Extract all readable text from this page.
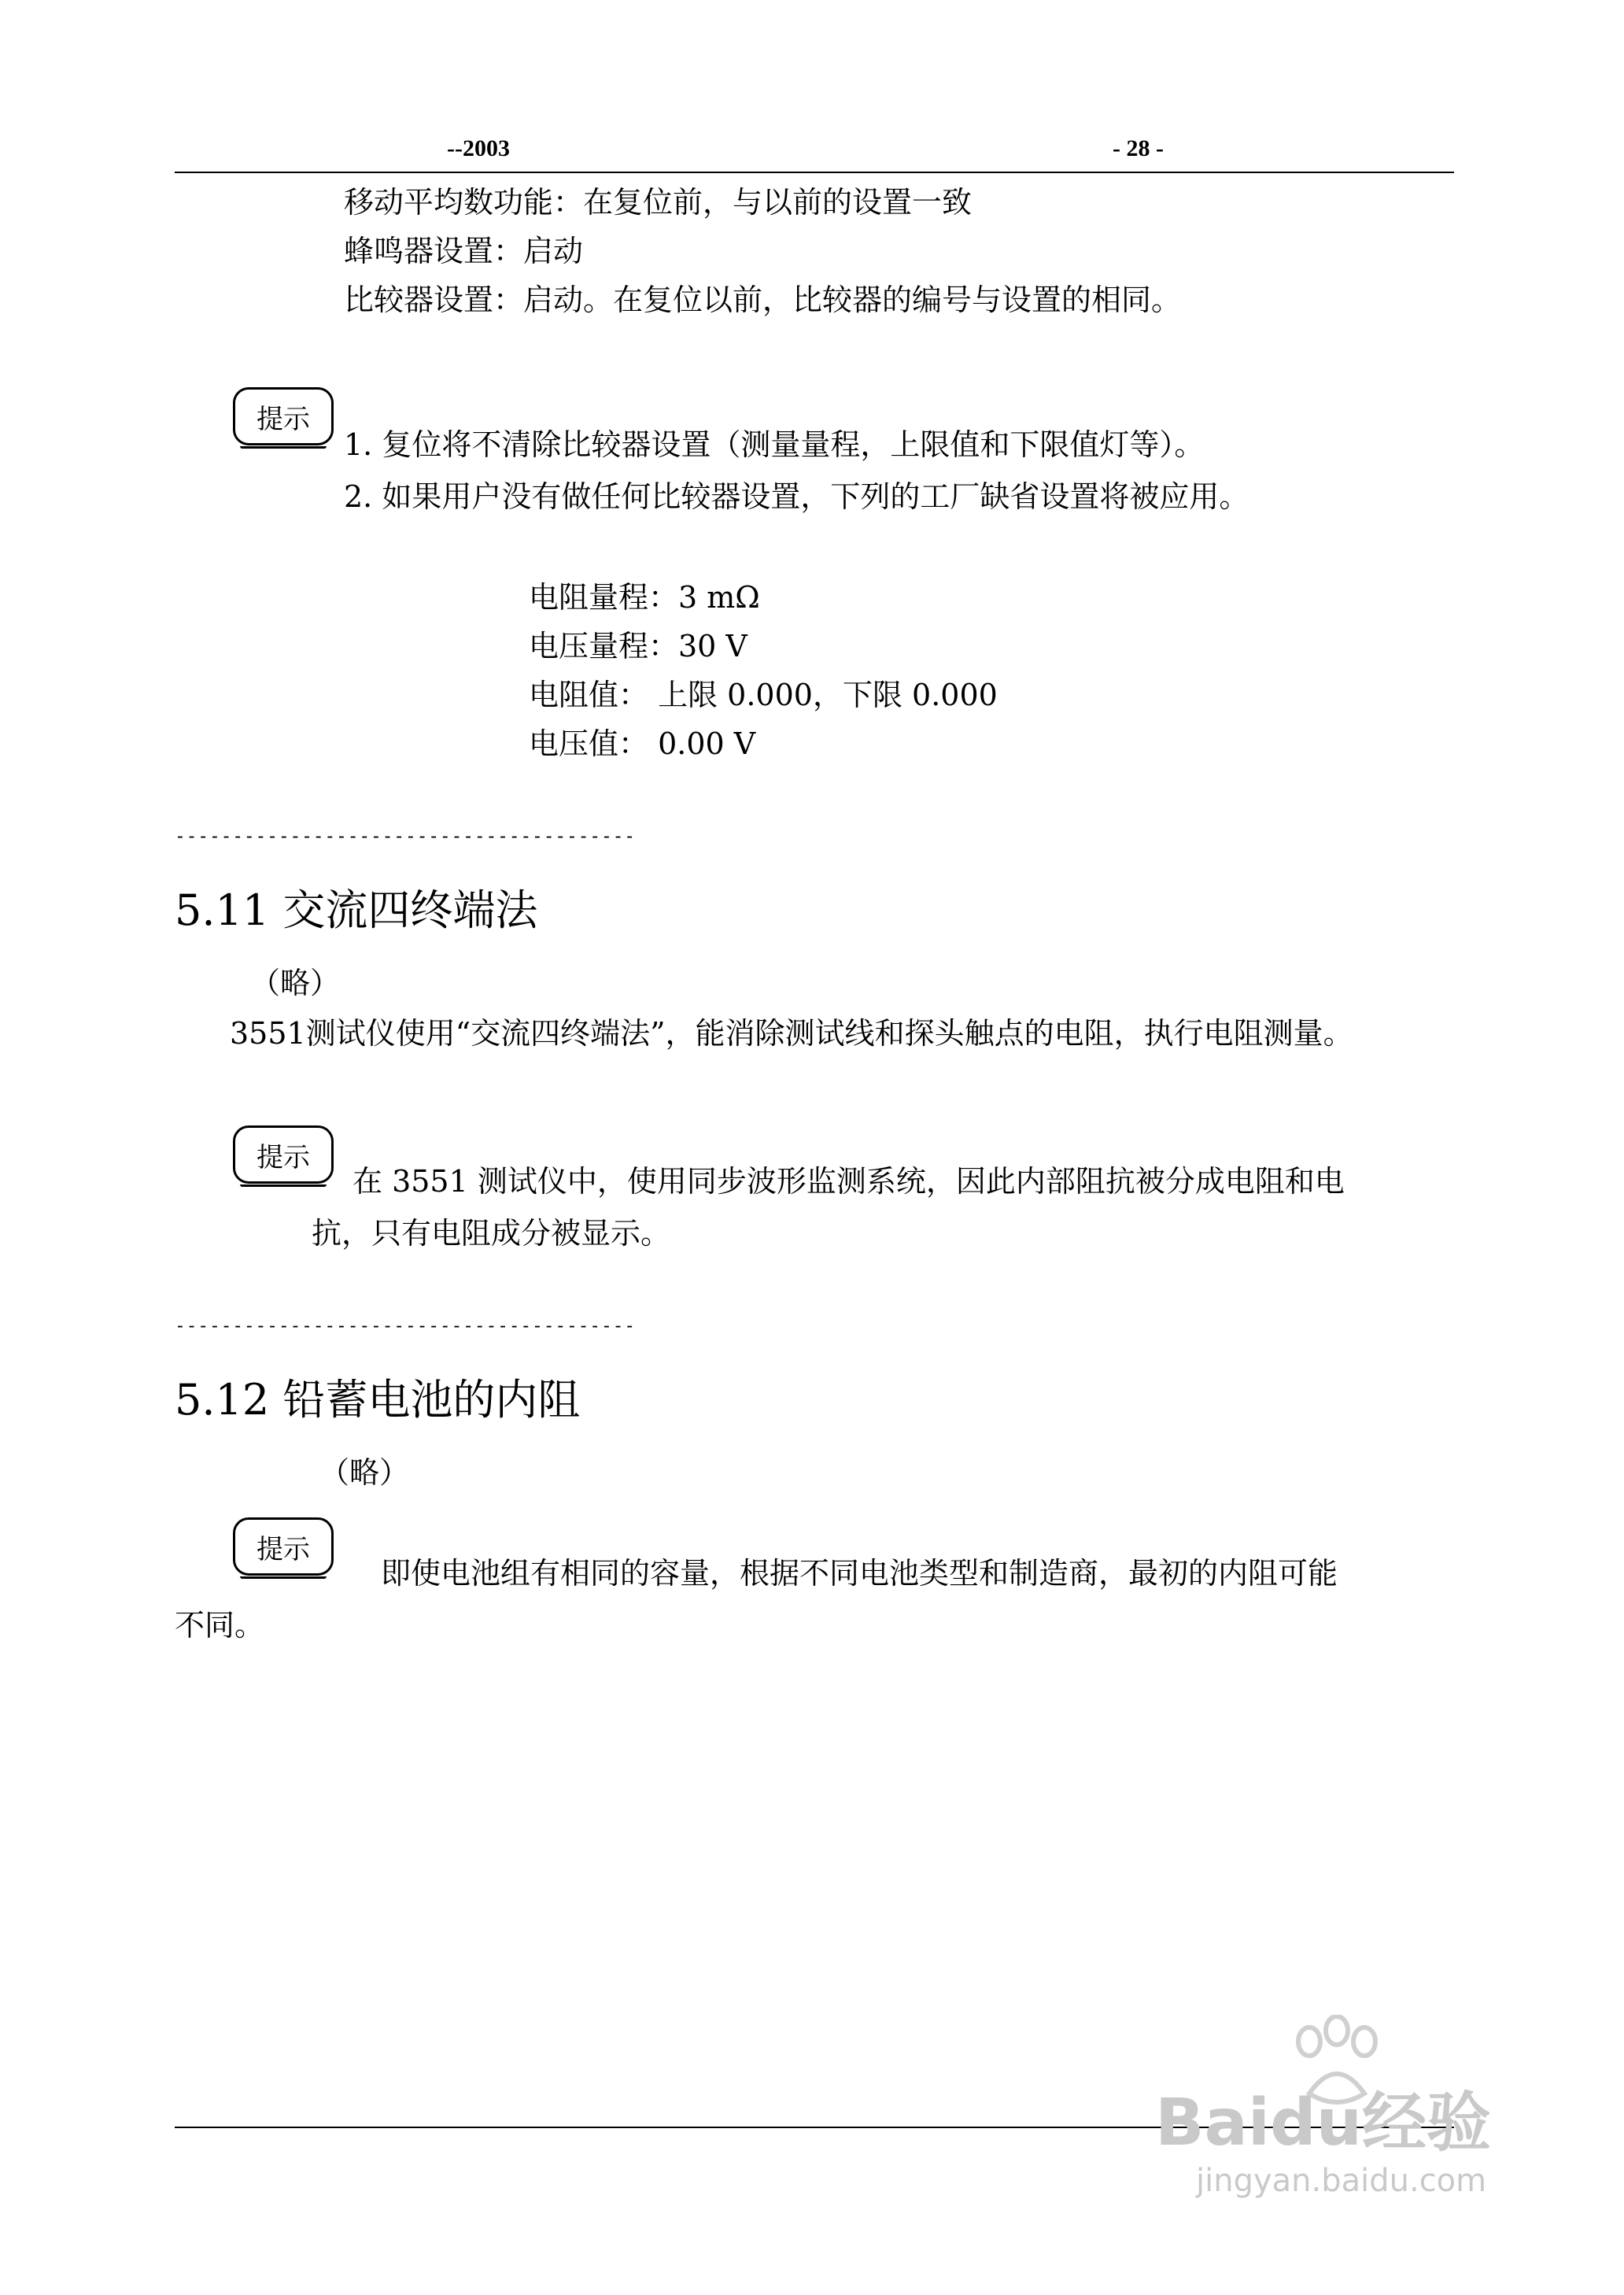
--2003	- 28 -
移动平均数功能：在复位前，与以前的设置一致
蜂鸣器设置：启动
比较器设置：启动。在复位以前，比较器的编号与设置的相同。
提示
1. 复位将不清除比较器设置（测量量程，上限值和下限值灯等）。
2. 如果用户没有做任何比较器设置，下列的工厂缺省设置将被应用。
电阻量程：3 mΩ
电压量程：30 V
电阻值： 上限 0.000，下限 0.000
电压值： 0.00 V
----------------------------------------
5.11 交流四终端法
（略）
3551测试仪使用“交流四终端法”，能消除测试线和探头触点的电阻，执行电阻测量。
提示
在 3551 测试仪中，使用同步波形监测系统，因此内部阻抗被分成电阻和电
抗，只有电阻成分被显示。
----------------------------------------
5.12 铅蓄电池的内阻
（略）
提示
即使电池组有相同的容量，根据不同电池类型和制造商，最初的内阻可能
不同。
Baidu经验
jingyan.baidu.com
